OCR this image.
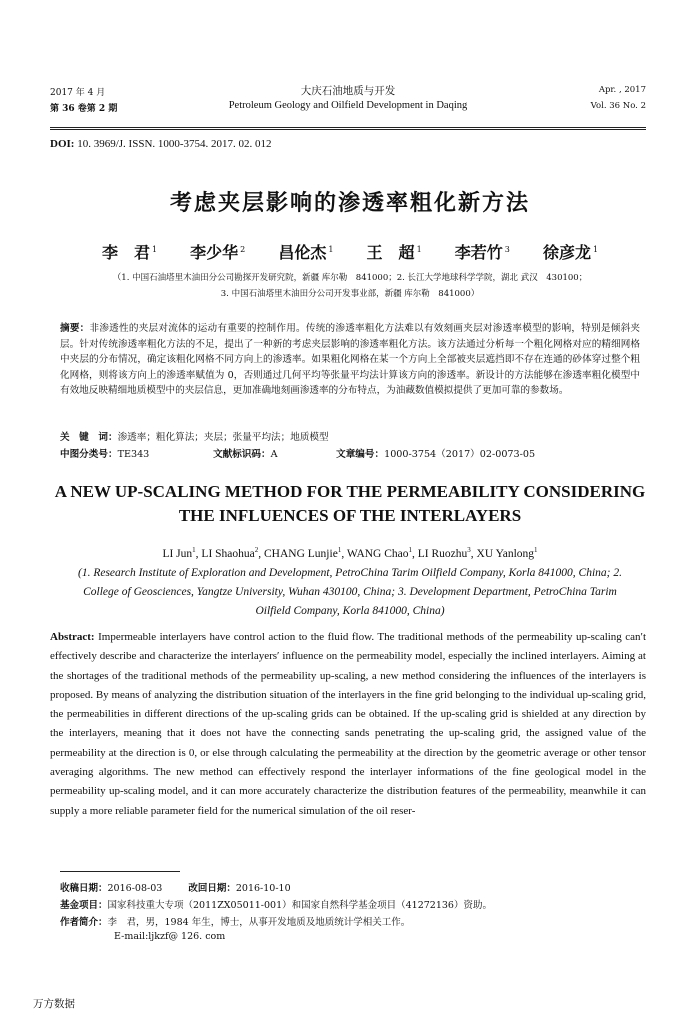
2017 年 4 月
第 36 卷第 2 期
大庆石油地质与开发
Petroleum Geology and Oilfield Development in Daqing
Apr. , 2017
Vol. 36 No. 2
DOI: 10. 3969/J. ISSN. 1000-3754. 2017. 02. 012
考虑夹层影响的渗透率粗化新方法
李　君 $^1$ 李少华 $^2$ 昌伦杰 $^1$ 王　超 $^1$ 李若竹 $^3$ 徐彦龙 $^1$
（1. 中国石油塔里木油田分公司勘探开发研究院，新疆 库尔勒　841000；2. 长江大学地球科学学院，湖北 武汉　430100；
3. 中国石油塔里木油田分公司开发事业部，新疆 库尔勒　841000）
摘要：非渗透性的夹层对流体的运动有重要的控制作用。传统的渗透率粗化方法难以有效刻画夹层对渗透率模型的影响，特别是倾斜夹层。针对传统渗透率粗化方法的不足，提出了一种新的考虑夹层影响的渗透率粗化方法。该方法通过分析每一个粗化网格对应的精细网格中夹层的分布情况，确定该粗化网格不同方向上的渗透率。如果粗化网格在某一个方向上全部被夹层遮挡即不存在连通的砂体穿过整个粗化网格，则将该方向上的渗透率赋值为 0，否则通过几何平均等张量平均法计算该方向的渗透率。新设计的方法能够在渗透率粗化模型中有效地反映精细地质模型中的夹层信息，更加准确地刻画渗透率的分布特点，为油藏数值模拟提供了更加可靠的参数场。
关　键　词：渗透率；粗化算法；夹层；张量平均法；地质模型
中图分类号：TE343	文献标识码：A	文章编号：1000-3754（2017）02-0073-05
A NEW UP-SCALING METHOD FOR THE PERMEABILITY CONSIDERING
THE INFLUENCES OF THE INTERLAYERS
LI Jun$^1$, LI Shaohua$^2$, CHANG Lunjie$^1$, WANG Chao$^1$, LI Ruozhu$^3$, XU Yanlong$^1$
(1. Research Institute of Exploration and Development, PetroChina Tarim Oilfield Company, Korla 841000, China; 2. College of Geosciences, Yangtze University, Wuhan 430100, China; 3. Development Department, PetroChina Tarim Oilfield Company, Korla 841000, China)
Abstract: Impermeable interlayers have control action to the fluid flow. The traditional methods of the permeability up-scaling can′t effectively describe and characterize the interlayers′ influence on the permeability model, especially the inclined interlayers. Aiming at the shortages of the traditional methods of the permeability up-scaling, a new method considering the influences of the interlayers is proposed. By means of analyzing the distribution situation of the interlayers in the fine grid belonging to the individual up-scaling grid, the permeabilities in different directions of the up-scaling grids can be obtained. If the up-scaling grid is shielded at any direction by the interlayers, meaning that it does not have the connecting sands penetrating the up-scaling grid, the assigned value of the permeability at the direction is 0, or else through calculating the permeability at the direction by the geometric average or other tensor averaging algorithms. The new method can effectively respond the interlayer informations of the fine geological model in the permeability up-scaling model, and it can more accurately characterize the distribution features of the permeability, meanwhile it can supply a more reliable parameter field for the numerical simulation of the oil reser-
收稿日期：2016-08-03	改回日期：2016-10-10
基金项目：国家科技重大专项（2011ZX05011-001）和国家自然科学基金项目（41272136）资助。
作者简介：李　君，男，1984 年生，博士，从事开发地质及地质统计学相关工作。
E-mail:ljkzf@ 126. com
万方数据
